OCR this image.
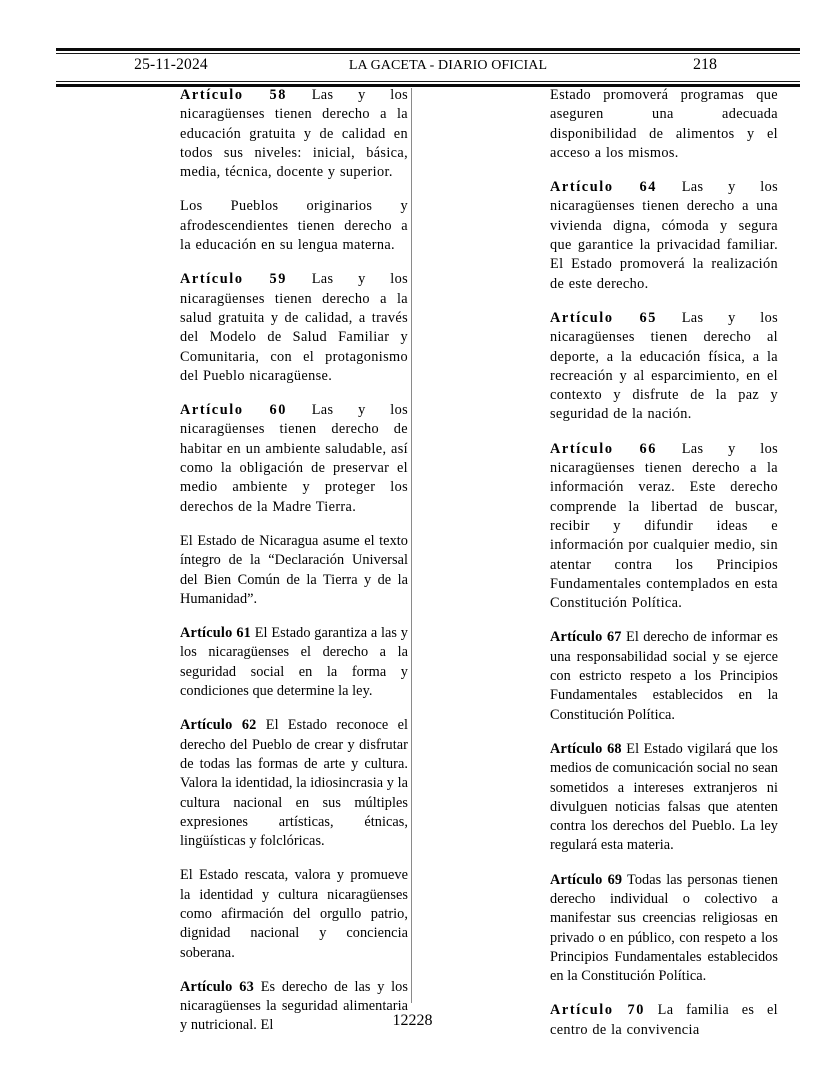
25-11-2024	LA GACETA - DIARIO OFICIAL	218

Artículo 58 Las y los nicaragüenses tienen derecho a la educación gratuita y de calidad en todos sus niveles: inicial, básica, media, técnica, docente y superior.

Los Pueblos originarios y afrodescendientes tienen derecho a la educación en su lengua materna.

Artículo 59 Las y los nicaragüenses tienen derecho a la salud gratuita y de calidad, a través del Modelo de Salud Familiar y Comunitaria, con el protagonismo del Pueblo nicaragüense.

Artículo 60 Las y los nicaragüenses tienen derecho de habitar en un ambiente saludable, así como la obligación de preservar el medio ambiente y proteger los derechos de la Madre Tierra.

El Estado de Nicaragua asume el texto íntegro de la “Declaración Universal del Bien Común de la Tierra y de la Humanidad”.

Artículo 61 El Estado garantiza a las y los nicaragüenses el derecho a la seguridad social en la forma y condiciones que determine la ley.

Artículo 62 El Estado reconoce el derecho del Pueblo de crear y disfrutar de todas las formas de arte y cultura. Valora la identidad, la idiosincrasia y la cultura nacional en sus múltiples expresiones artísticas, étnicas, lingüísticas y folclóricas.

El Estado rescata, valora y promueve la identidad y cultura nicaragüenses como afirmación del orgullo patrio, dignidad nacional y conciencia soberana.

Artículo 63 Es derecho de las y los nicaragüenses la seguridad alimentaria y nutricional. El

Estado promoverá programas que aseguren una adecuada disponibilidad de alimentos y el acceso a los mismos.

Artículo 64 Las y los nicaragüenses tienen derecho a una vivienda digna, cómoda y segura que garantice la privacidad familiar. El Estado promoverá la realización de este derecho.

Artículo 65 Las y los nicaragüenses tienen derecho al deporte, a la educación física, a la recreación y al esparcimiento, en el contexto y disfrute de la paz y seguridad de la nación.

Artículo 66 Las y los nicaragüenses tienen derecho a la información veraz. Este derecho comprende la libertad de buscar, recibir y difundir ideas e información por cualquier medio, sin atentar contra los Principios Fundamentales contemplados en esta Constitución Política.

Artículo 67 El derecho de informar es una responsabilidad social y se ejerce con estricto respeto a los Principios Fundamentales establecidos en la Constitución Política.

Artículo 68 El Estado vigilará que los medios de comunicación social no sean sometidos a intereses extranjeros ni divulguen noticias falsas que atenten contra los derechos del Pueblo. La ley regulará esta materia.

Artículo 69 Todas las personas tienen derecho individual o colectivo a manifestar sus creencias religiosas en privado o en público, con respeto a los Principios Fundamentales establecidos en la Constitución Política.

Artículo 70 La familia es el centro de la convivencia

12228
